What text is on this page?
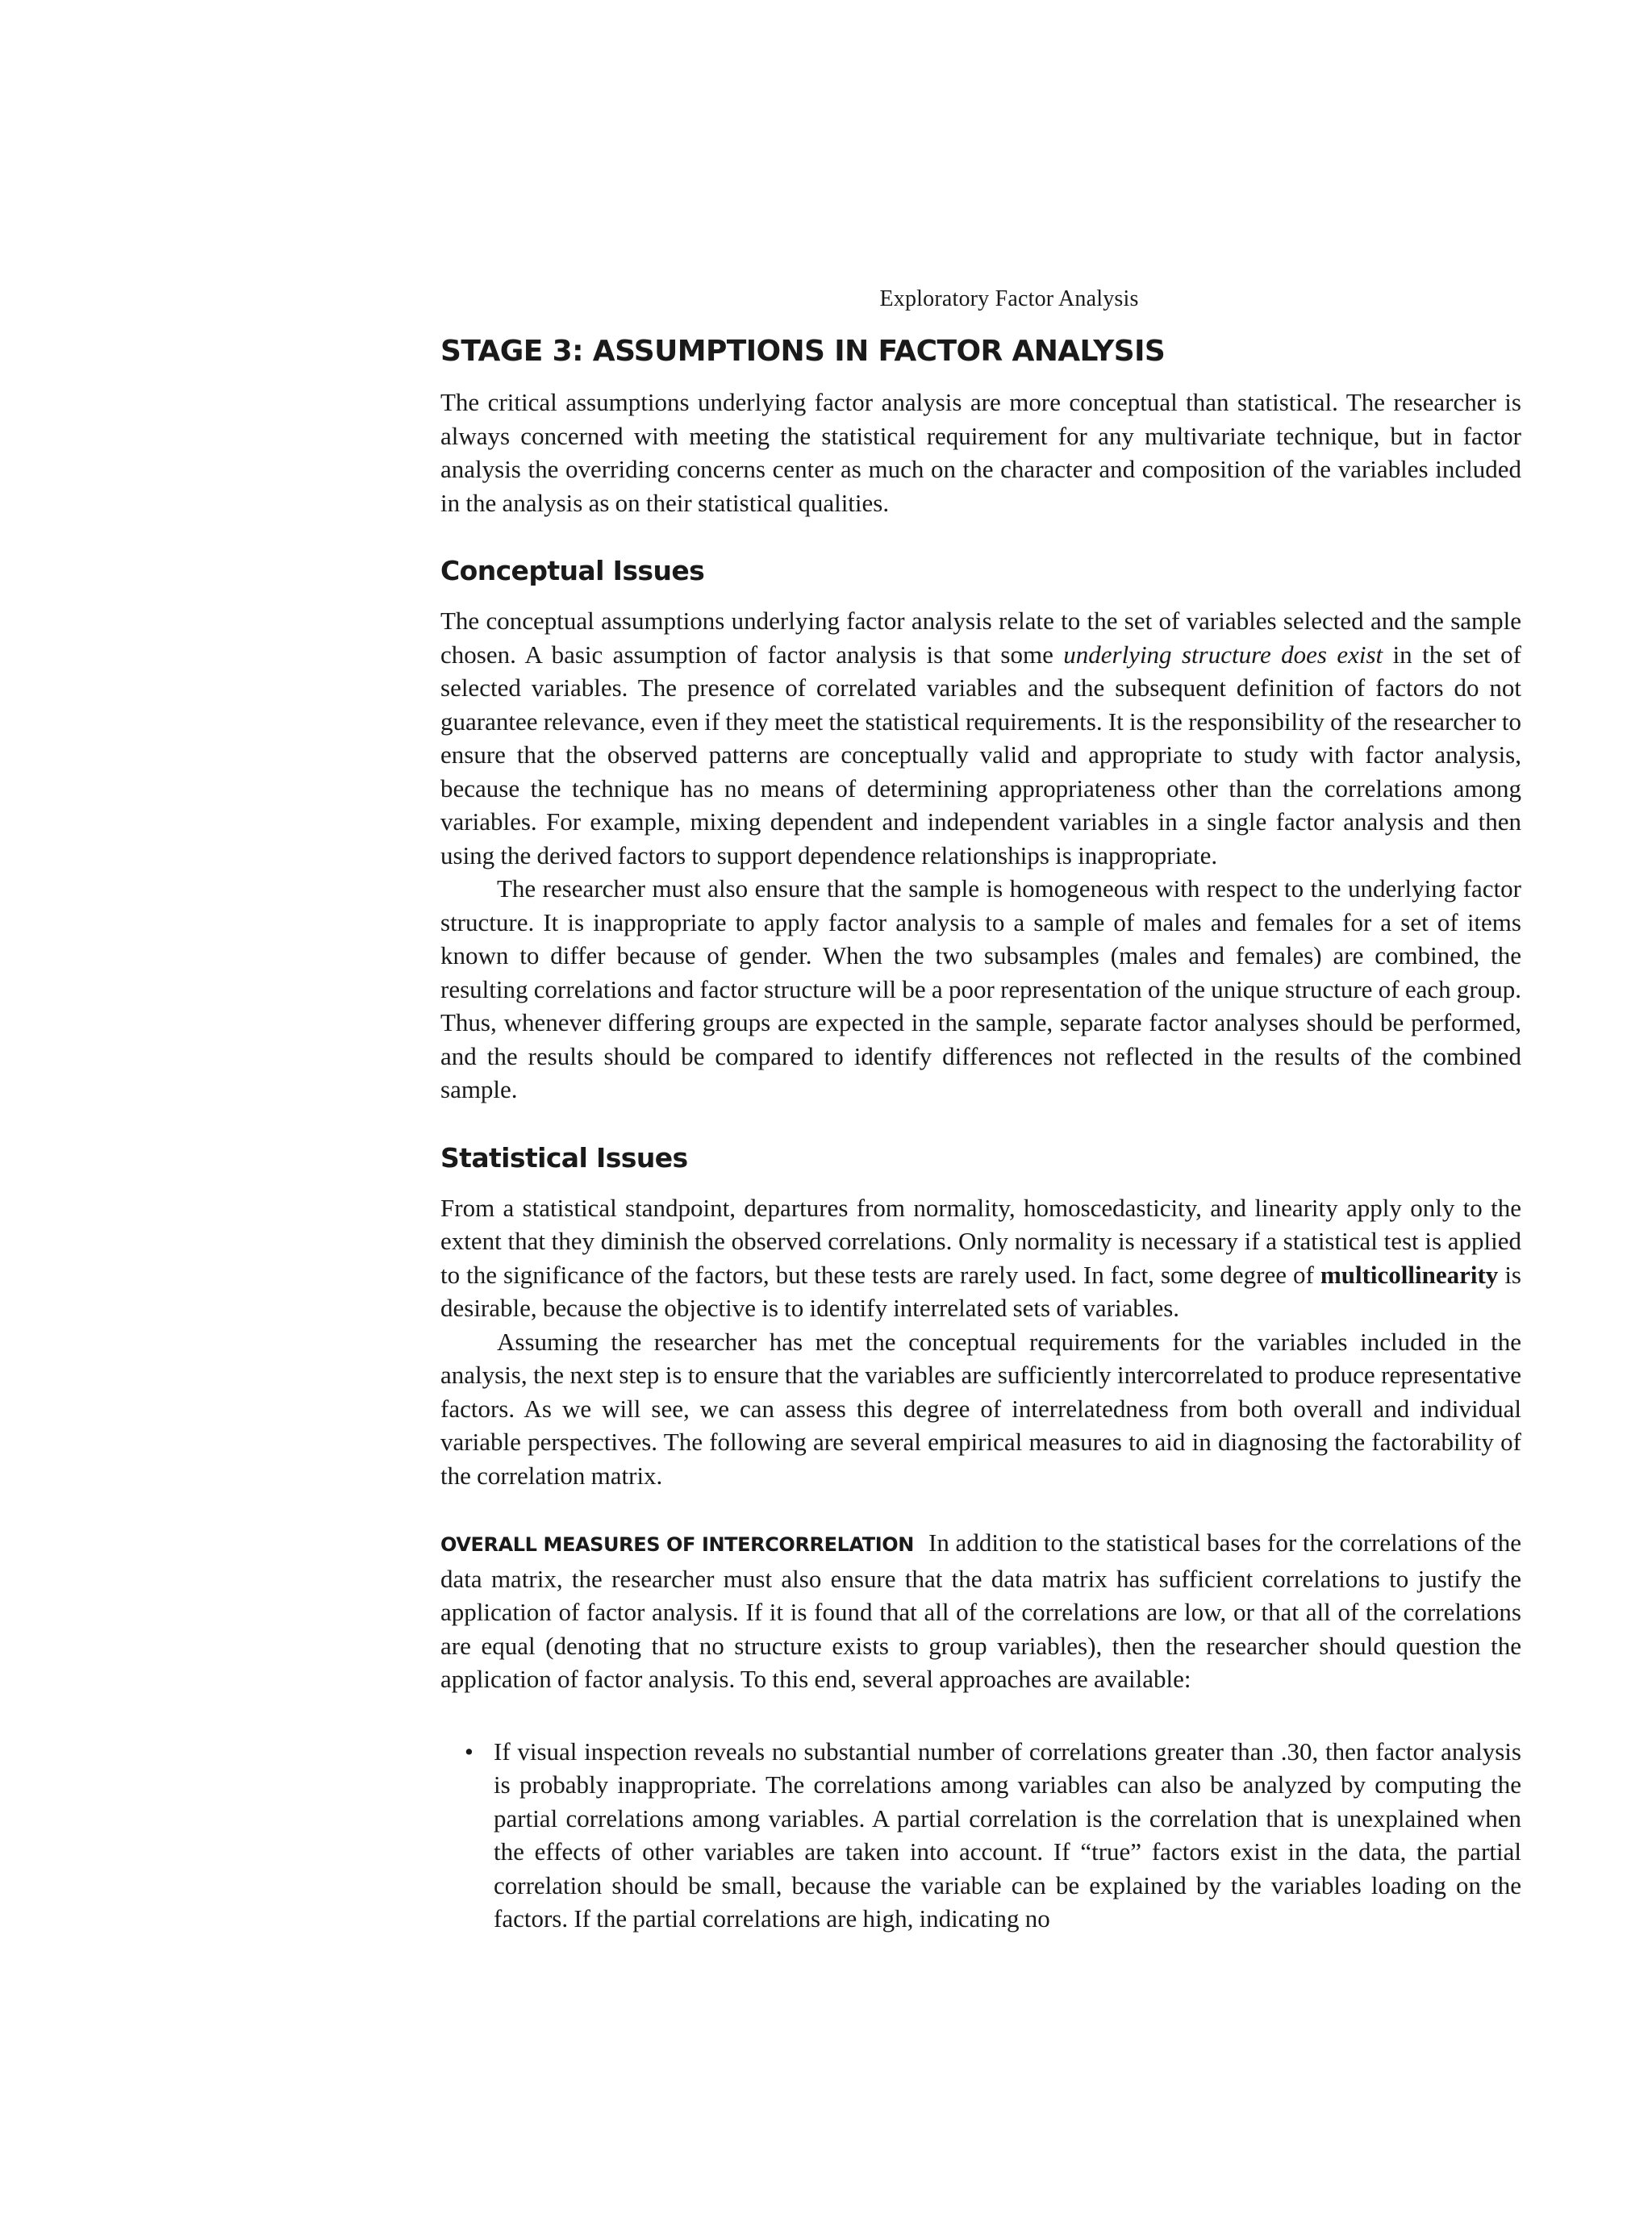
Exploratory Factor Analysis
STAGE 3: ASSUMPTIONS IN FACTOR ANALYSIS

The critical assumptions underlying factor analysis are more conceptual than statistical. The researcher is always concerned with meeting the statistical requirement for any multivariate technique, but in factor analysis the overriding concerns center as much on the character and composition of the variables included in the analysis as on their statistical qualities.

Conceptual Issues

The conceptual assumptions underlying factor analysis relate to the set of variables selected and the sample chosen. A basic assumption of factor analysis is that some underlying structure does exist in the set of selected variables. The presence of correlated variables and the subsequent definition of factors do not guarantee relevance, even if they meet the statistical requirements. It is the responsibility of the researcher to ensure that the observed patterns are conceptually valid and appropriate to study with factor analysis, because the technique has no means of determining appropriateness other than the correlations among variables. For example, mixing dependent and independent variables in a single factor analysis and then using the derived factors to support dependence relationships is inappropriate.

The researcher must also ensure that the sample is homogeneous with respect to the underlying factor structure. It is inappropriate to apply factor analysis to a sample of males and females for a set of items known to differ because of gender. When the two subsamples (males and females) are combined, the resulting correlations and factor structure will be a poor representation of the unique structure of each group. Thus, whenever differing groups are expected in the sample, separate factor analyses should be performed, and the results should be compared to identify differences not reflected in the results of the combined sample.

Statistical Issues

From a statistical standpoint, departures from normality, homoscedasticity, and linearity apply only to the extent that they diminish the observed correlations. Only normality is necessary if a statistical test is applied to the significance of the factors, but these tests are rarely used. In fact, some degree of multicollinearity is desirable, because the objective is to identify interrelated sets of variables.

Assuming the researcher has met the conceptual requirements for the variables included in the analysis, the next step is to ensure that the variables are sufficiently intercorrelated to produce representative factors. As we will see, we can assess this degree of interrelatedness from both overall and individual variable perspectives. The following are several empirical measures to aid in diagnosing the factorability of the correlation matrix.

OVERALL MEASURES OF INTERCORRELATION In addition to the statistical bases for the correlations of the data matrix, the researcher must also ensure that the data matrix has sufficient correlations to justify the application of factor analysis. If it is found that all of the correlations are low, or that all of the correlations are equal (denoting that no structure exists to group variables), then the researcher should question the application of factor analysis. To this end, several approaches are available:

• If visual inspection reveals no substantial number of correlations greater than .30, then factor analysis is probably inappropriate. The correlations among variables can also be analyzed by computing the partial correlations among variables. A partial correlation is the correlation that is unexplained when the effects of other variables are taken into account. If “true” factors exist in the data, the partial correlation should be small, because the variable can be explained by the variables loading on the factors. If the partial correlations are high, indicating no
